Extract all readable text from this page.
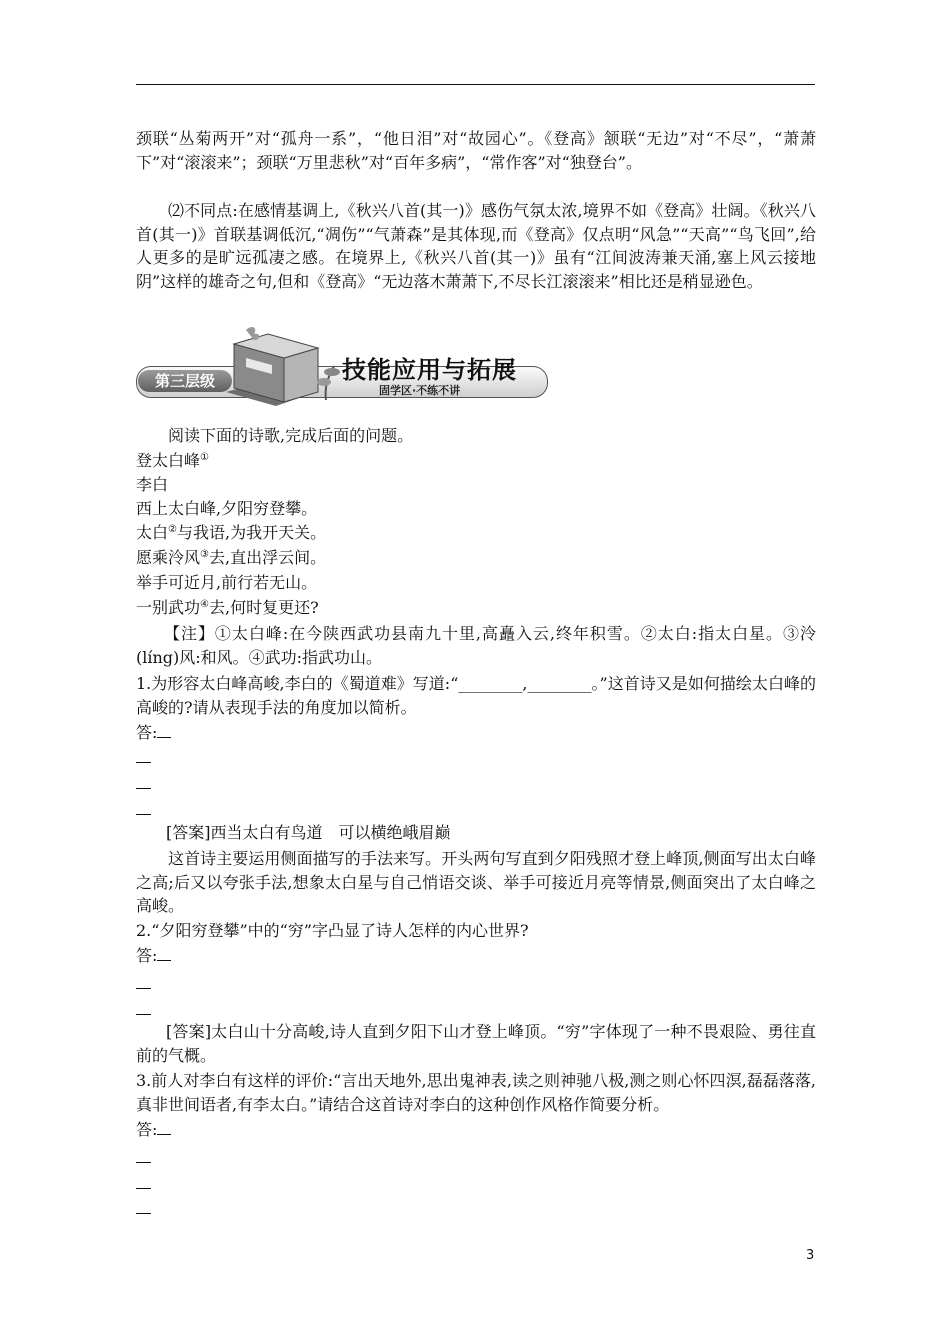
颈联“丛菊两开”对“孤舟一系”，“他日泪”对“故园心”。《登高》颔联“无边”对“不尽”，“萧萧下”对“滚滚来”；颈联“万里悲秋”对“百年多病”，“常作客”对“独登台”。

⑵不同点:在感情基调上,《秋兴八首(其一)》感伤气氛太浓,境界不如《登高》壮阔。《秋兴八首(其一)》首联基调低沉,“凋伤”“气萧森”是其体现,而《登高》仅点明“风急”“天高”“鸟飞回”,给人更多的是旷远孤凄之感。在境界上,《秋兴八首(其一)》虽有“江间波涛兼天涌,塞上风云接地阴”这样的雄奇之句,但和《登高》“无边落木萧萧下,不尽长江滚滚来”相比还是稍显逊色。

第三层级	技能应用与拓展
固学区·不练不讲
阅读下面的诗歌,完成后面的问题。
登太白峰①
李白
西上太白峰,夕阳穷登攀。
太白②与我语,为我开天关。
愿乘泠风③去,直出浮云间。
举手可近月,前行若无山。
一别武功④去,何时复更还?

【注】①太白峰:在今陕西武功县南九十里,高矗入云,终年积雪。②太白:指太白星。③泠(líng)风:和风。④武功:指武功山。

1.为形容太白峰高峻,李白的《蜀道难》写道:“________,________。”这首诗又是如何描绘太白峰的高峻的?请从表现手法的角度加以简析。

答:
[答案]西当太白有鸟道　可以横绝峨眉巅

这首诗主要运用侧面描写的手法来写。开头两句写直到夕阳残照才登上峰顶,侧面写出太白峰之高;后又以夸张手法,想象太白星与自己悄语交谈、举手可接近月亮等情景,侧面突出了太白峰之高峻。

2.“夕阳穷登攀”中的“穷”字凸显了诗人怎样的内心世界?
答:

[答案]太白山十分高峻,诗人直到夕阳下山才登上峰顶。“穷”字体现了一种不畏艰险、勇往直前的气概。

3.前人对李白有这样的评价:“言出天地外,思出鬼神表,读之则神驰八极,测之则心怀四溟,磊磊落落,真非世间语者,有李太白。”请结合这首诗对李白的这种创作风格作简要分析。

答:
3
